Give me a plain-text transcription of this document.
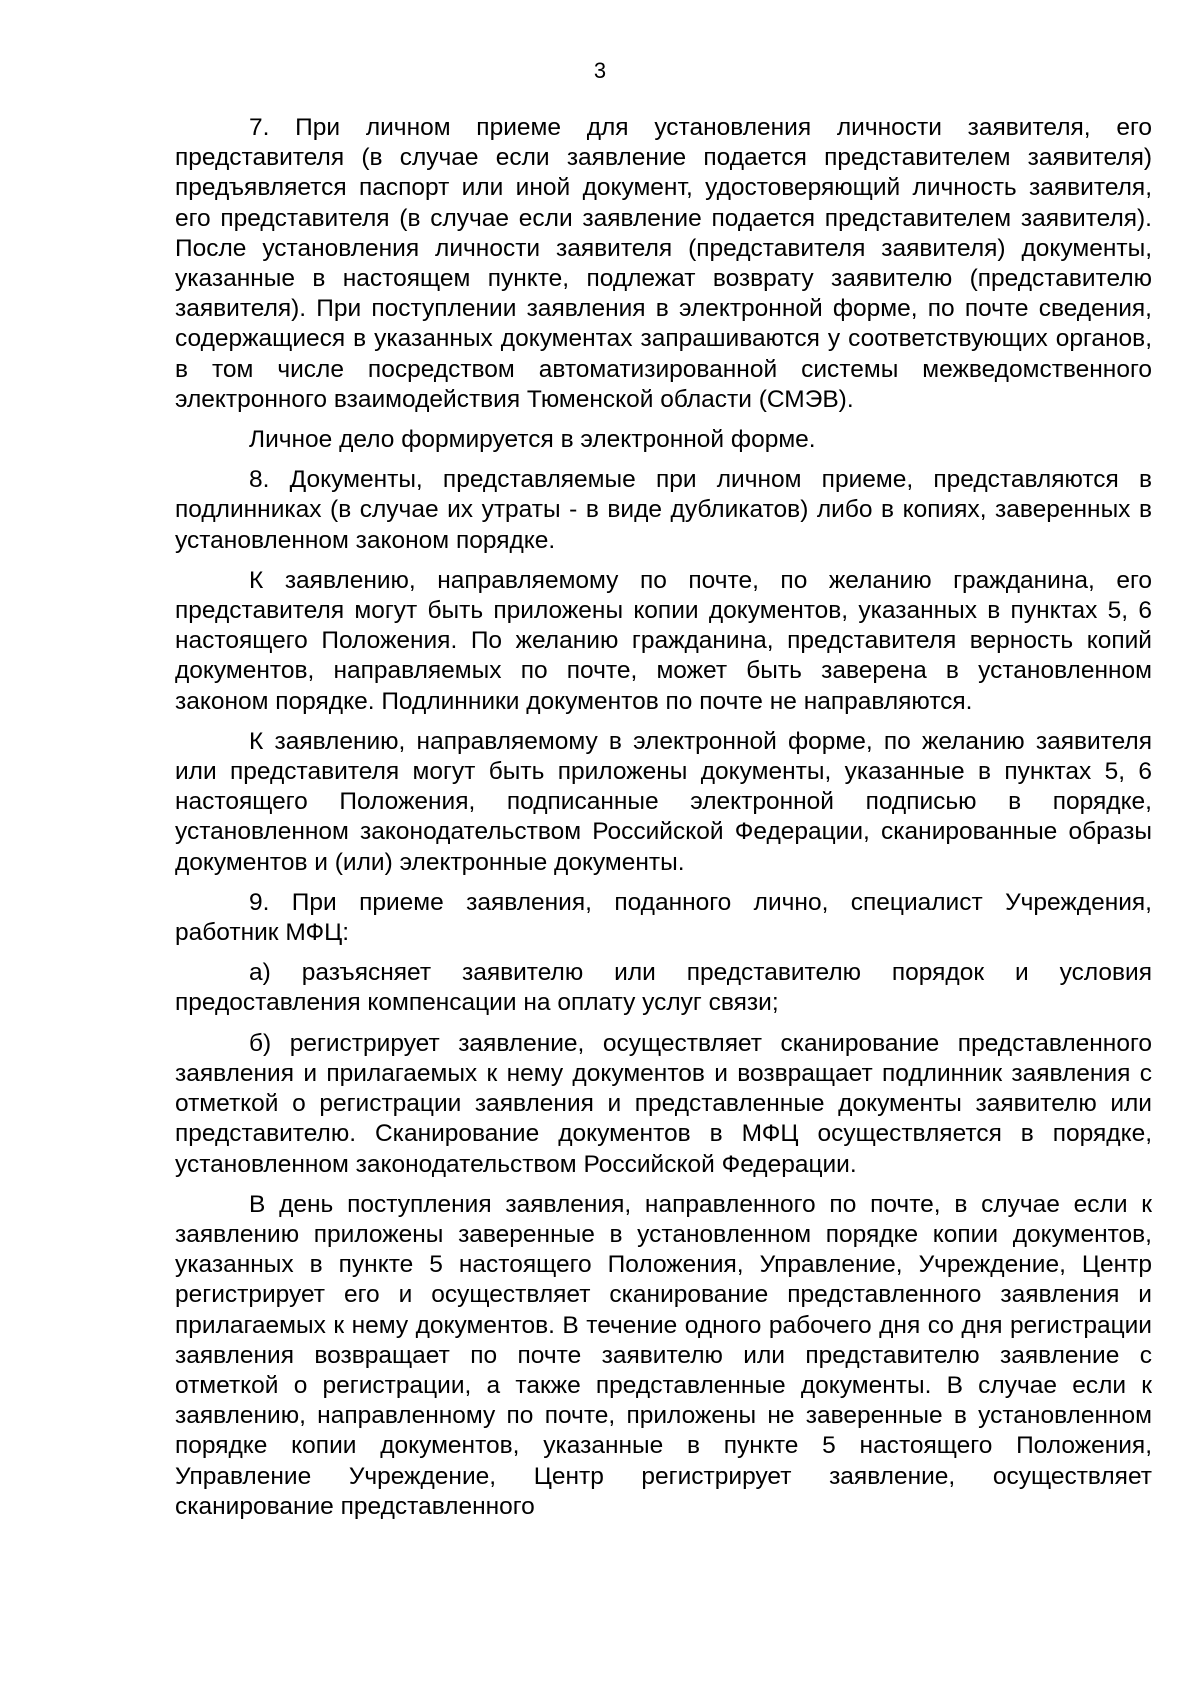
3

7. При личном приеме для установления личности заявителя, его представителя (в случае если заявление подается представителем заявителя) предъявляется паспорт или иной документ, удостоверяющий личность заявителя, его представителя (в случае если заявление подается представителем заявителя). После установления личности заявителя (представителя заявителя) документы, указанные в настоящем пункте, подлежат возврату заявителю (представителю заявителя). При поступлении заявления в электронной форме, по почте сведения, содержащиеся в указанных документах запрашиваются у соответствующих органов, в том числе посредством автоматизированной системы межведомственного электронного взаимодействия Тюменской области (СМЭВ).

Личное дело формируется в электронной форме.

8. Документы, представляемые при личном приеме, представляются в подлинниках (в случае их утраты - в виде дубликатов) либо в копиях, заверенных в установленном законом порядке.

К заявлению, направляемому по почте, по желанию гражданина, его представителя могут быть приложены копии документов, указанных в пунктах 5, 6 настоящего Положения. По желанию гражданина, представителя верность копий документов, направляемых по почте, может быть заверена в установленном законом порядке. Подлинники документов по почте не направляются.

К заявлению, направляемому в электронной форме, по желанию заявителя или представителя могут быть приложены документы, указанные в пунктах 5, 6 настоящего Положения, подписанные электронной подписью в порядке, установленном законодательством Российской Федерации, сканированные образы документов и (или) электронные документы.

9. При приеме заявления, поданного лично, специалист Учреждения, работник МФЦ:

а) разъясняет заявителю или представителю порядок и условия предоставления компенсации на оплату услуг связи;

б) регистрирует заявление, осуществляет сканирование представленного заявления и прилагаемых к нему документов и возвращает подлинник заявления с отметкой о регистрации заявления и представленные документы заявителю или представителю. Сканирование документов в МФЦ осуществляется в порядке, установленном законодательством Российской Федерации.

В день поступления заявления, направленного по почте, в случае если к заявлению приложены заверенные в установленном порядке копии документов, указанных в пункте 5 настоящего Положения, Управление, Учреждение, Центр регистрирует его и осуществляет сканирование представленного заявления и прилагаемых к нему документов. В течение одного рабочего дня со дня регистрации заявления возвращает по почте заявителю или представителю заявление с отметкой о регистрации, а также представленные документы. В случае если к заявлению, направленному по почте, приложены не заверенные в установленном порядке копии документов, указанные в пункте 5 настоящего Положения, Управление Учреждение, Центр регистрирует заявление, осуществляет сканирование представленного
